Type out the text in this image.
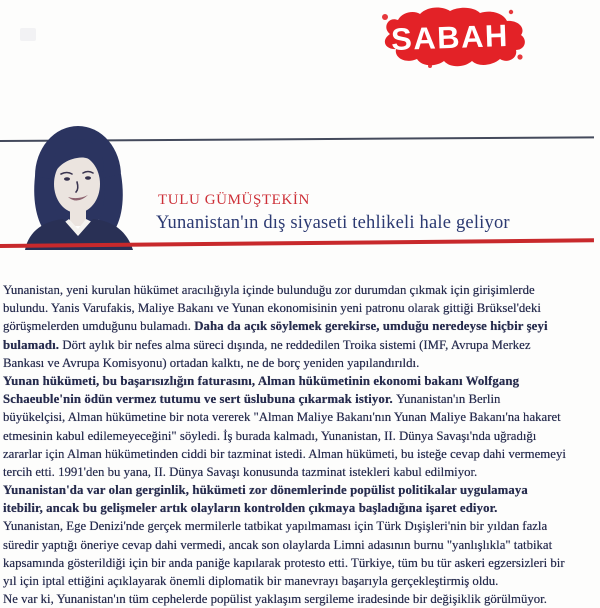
SABAH
TULU GÜMÜŞTEKİN
Yunanistan'ın dış siyaseti tehlikeli hale geliyor
Yunanistan, yeni kurulan hükümet aracılığıyla içinde bulunduğu zor durumdan çıkmak için girişimlerde
bulundu. Yanis Varufakis, Maliye Bakanı ve Yunan ekonomisinin yeni patronu olarak gittiği Brüksel'deki
görüşmelerden umduğunu bulamadı. Daha da açık söylemek gerekirse, umduğu neredeyse hiçbir şeyi
bulamadı. Dört aylık bir nefes alma süreci dışında, ne reddedilen Troika sistemi (IMF, Avrupa Merkez
Bankası ve Avrupa Komisyonu) ortadan kalktı, ne de borç yeniden yapılandırıldı.
Yunan hükümeti, bu başarısızlığın faturasını, Alman hükümetinin ekonomi bakanı Wolfgang
Schaeuble'nin ödün vermez tutumu ve sert üslubuna çıkarmak istiyor. Yunanistan'ın Berlin
büyükelçisi, Alman hükümetine bir nota vererek "Alman Maliye Bakanı'nın Yunan Maliye Bakanı'na hakaret
etmesinin kabul edilemeyeceğini" söyledi. İş burada kalmadı, Yunanistan, II. Dünya Savaşı'nda uğradığı
zararlar için Alman hükümetinden ciddi bir tazminat istedi. Alman hükümeti, bu isteğe cevap dahi vermemeyi
tercih etti. 1991'den bu yana, II. Dünya Savaşı konusunda tazminat istekleri kabul edilmiyor.
Yunanistan'da var olan gerginlik, hükümeti zor dönemlerinde popülist politikalar uygulamaya
itebilir, ancak bu gelişmeler artık olayların kontrolden çıkmaya başladığına işaret ediyor.
Yunanistan, Ege Denizi'nde gerçek mermilerle tatbikat yapılmaması için Türk Dışişleri'nin bir yıldan fazla
süredir yaptığı öneriye cevap dahi vermedi, ancak son olaylarda Limni adasının burnu "yanlışlıkla" tatbikat
kapsamında gösterildiği için bir anda paniğe kapılarak protesto etti. Türkiye, tüm bu tür askeri egzersizleri bir
yıl için iptal ettiğini açıklayarak önemli diplomatik bir manevrayı başarıyla gerçekleştirmiş oldu.
Ne var ki, Yunanistan'ın tüm cephelerde popülist yaklaşım sergileme iradesinde bir değişiklik görülmüyor.
